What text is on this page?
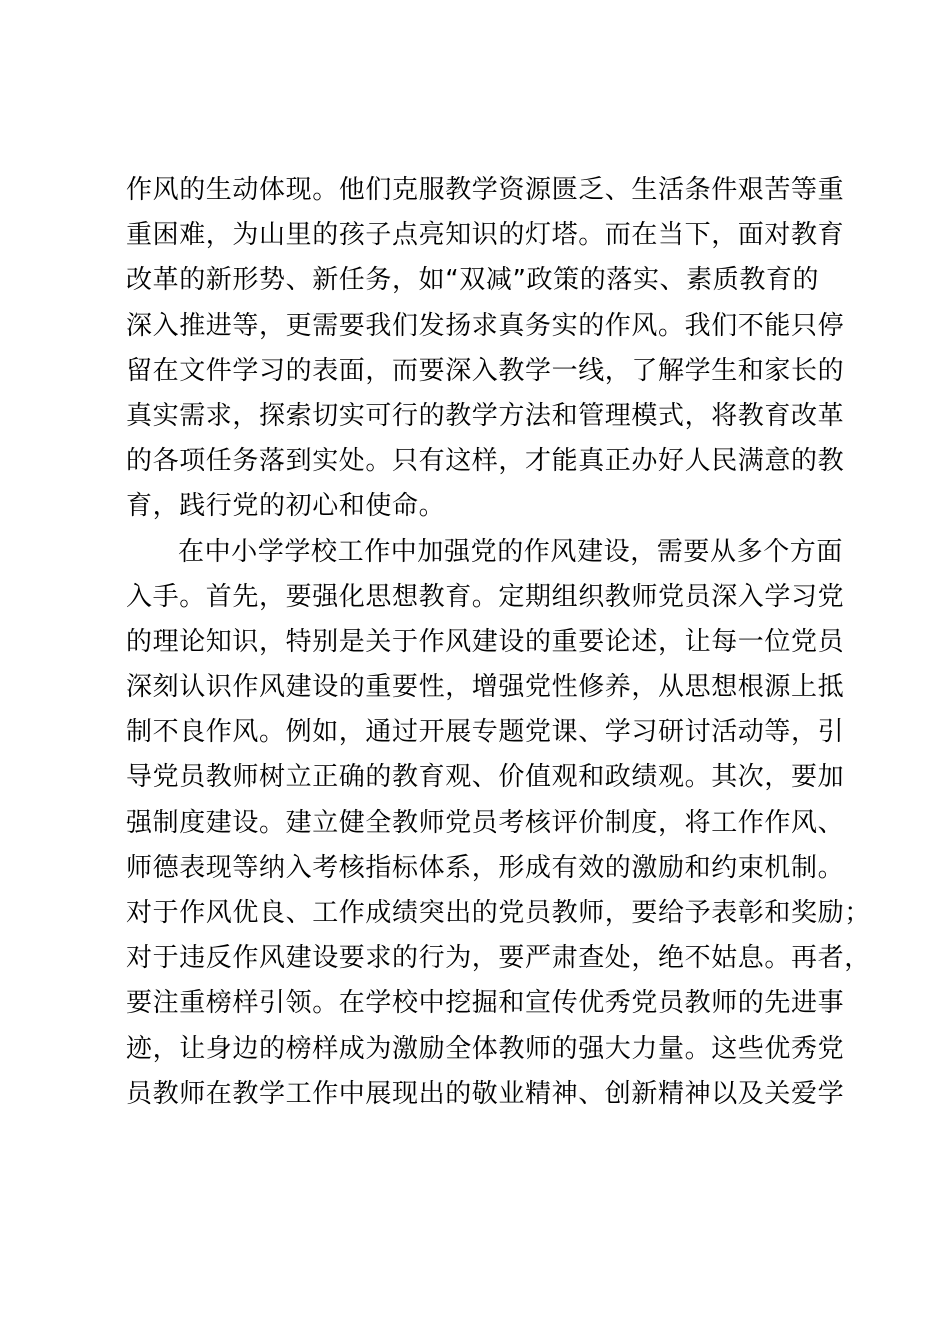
作风的生动体现。他们克服教学资源匮乏、生活条件艰苦等重
重困难，为山里的孩子点亮知识的灯塔。而在当下，面对教育
改革的新形势、新任务，如“双减”政策的落实、素质教育的
深入推进等，更需要我们发扬求真务实的作风。我们不能只停
留在文件学习的表面，而要深入教学一线，了解学生和家长的
真实需求，探索切实可行的教学方法和管理模式，将教育改革
的各项任务落到实处。只有这样，才能真正办好人民满意的教
育，践行党的初心和使命。
在中小学学校工作中加强党的作风建设，需要从多个方面
入手。首先，要强化思想教育。定期组织教师党员深入学习党
的理论知识，特别是关于作风建设的重要论述，让每一位党员
深刻认识作风建设的重要性，增强党性修养，从思想根源上抵
制不良作风。例如，通过开展专题党课、学习研讨活动等，引
导党员教师树立正确的教育观、价值观和政绩观。其次，要加
强制度建设。建立健全教师党员考核评价制度，将工作作风、
师德表现等纳入考核指标体系，形成有效的激励和约束机制。
对于作风优良、工作成绩突出的党员教师，要给予表彰和奖励；
对于违反作风建设要求的行为，要严肃查处，绝不姑息。再者，
要注重榜样引领。在学校中挖掘和宣传优秀党员教师的先进事
迹，让身边的榜样成为激励全体教师的强大力量。这些优秀党
员教师在教学工作中展现出的敬业精神、创新精神以及关爱学
